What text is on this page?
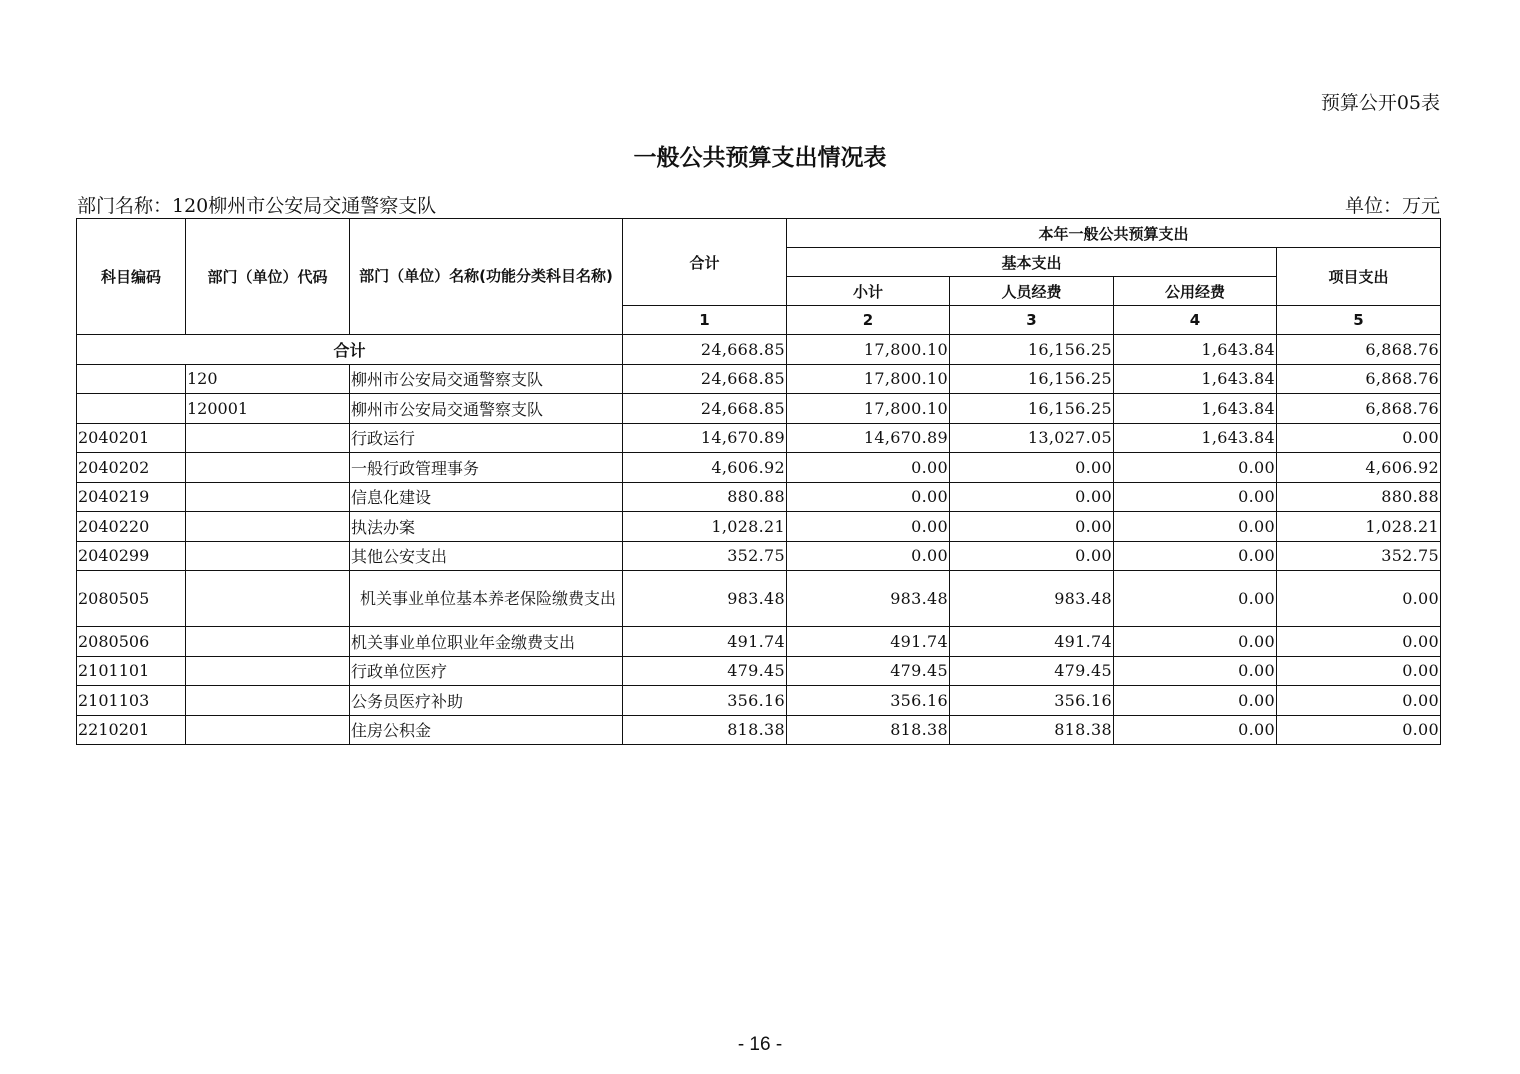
预算公开05表
一般公共预算支出情况表
部门名称：120柳州市公安局交通警察支队	单位：万元
科目编码	部门（单位）代码	部门（单位）名称(功能分类科目名称)	合计	本年一般公共预算支出			
				基本支出			项目支出
				小计	人员经费	公用经费	
			1	2	3	4	5
合计			24,668.85	17,800.10	16,156.25	1,643.84	6,868.76
	120	柳州市公安局交通警察支队	24,668.85	17,800.10	16,156.25	1,643.84	6,868.76
	120001	柳州市公安局交通警察支队	24,668.85	17,800.10	16,156.25	1,643.84	6,868.76
2040201		行政运行	14,670.89	14,670.89	13,027.05	1,643.84	0.00
2040202		一般行政管理事务	4,606.92	0.00	0.00	0.00	4,606.92
2040219		信息化建设	880.88	0.00	0.00	0.00	880.88
2040220		执法办案	1,028.21	0.00	0.00	0.00	1,028.21
2040299		其他公安支出	352.75	0.00	0.00	0.00	352.75
2080505		机关事业单位基本养老保险缴费支出	983.48	983.48	983.48	0.00	0.00
2080506		机关事业单位职业年金缴费支出	491.74	491.74	491.74	0.00	0.00
2101101		行政单位医疗	479.45	479.45	479.45	0.00	0.00
2101103		公务员医疗补助	356.16	356.16	356.16	0.00	0.00
2210201		住房公积金	818.38	818.38	818.38	0.00	0.00
- 16 -
